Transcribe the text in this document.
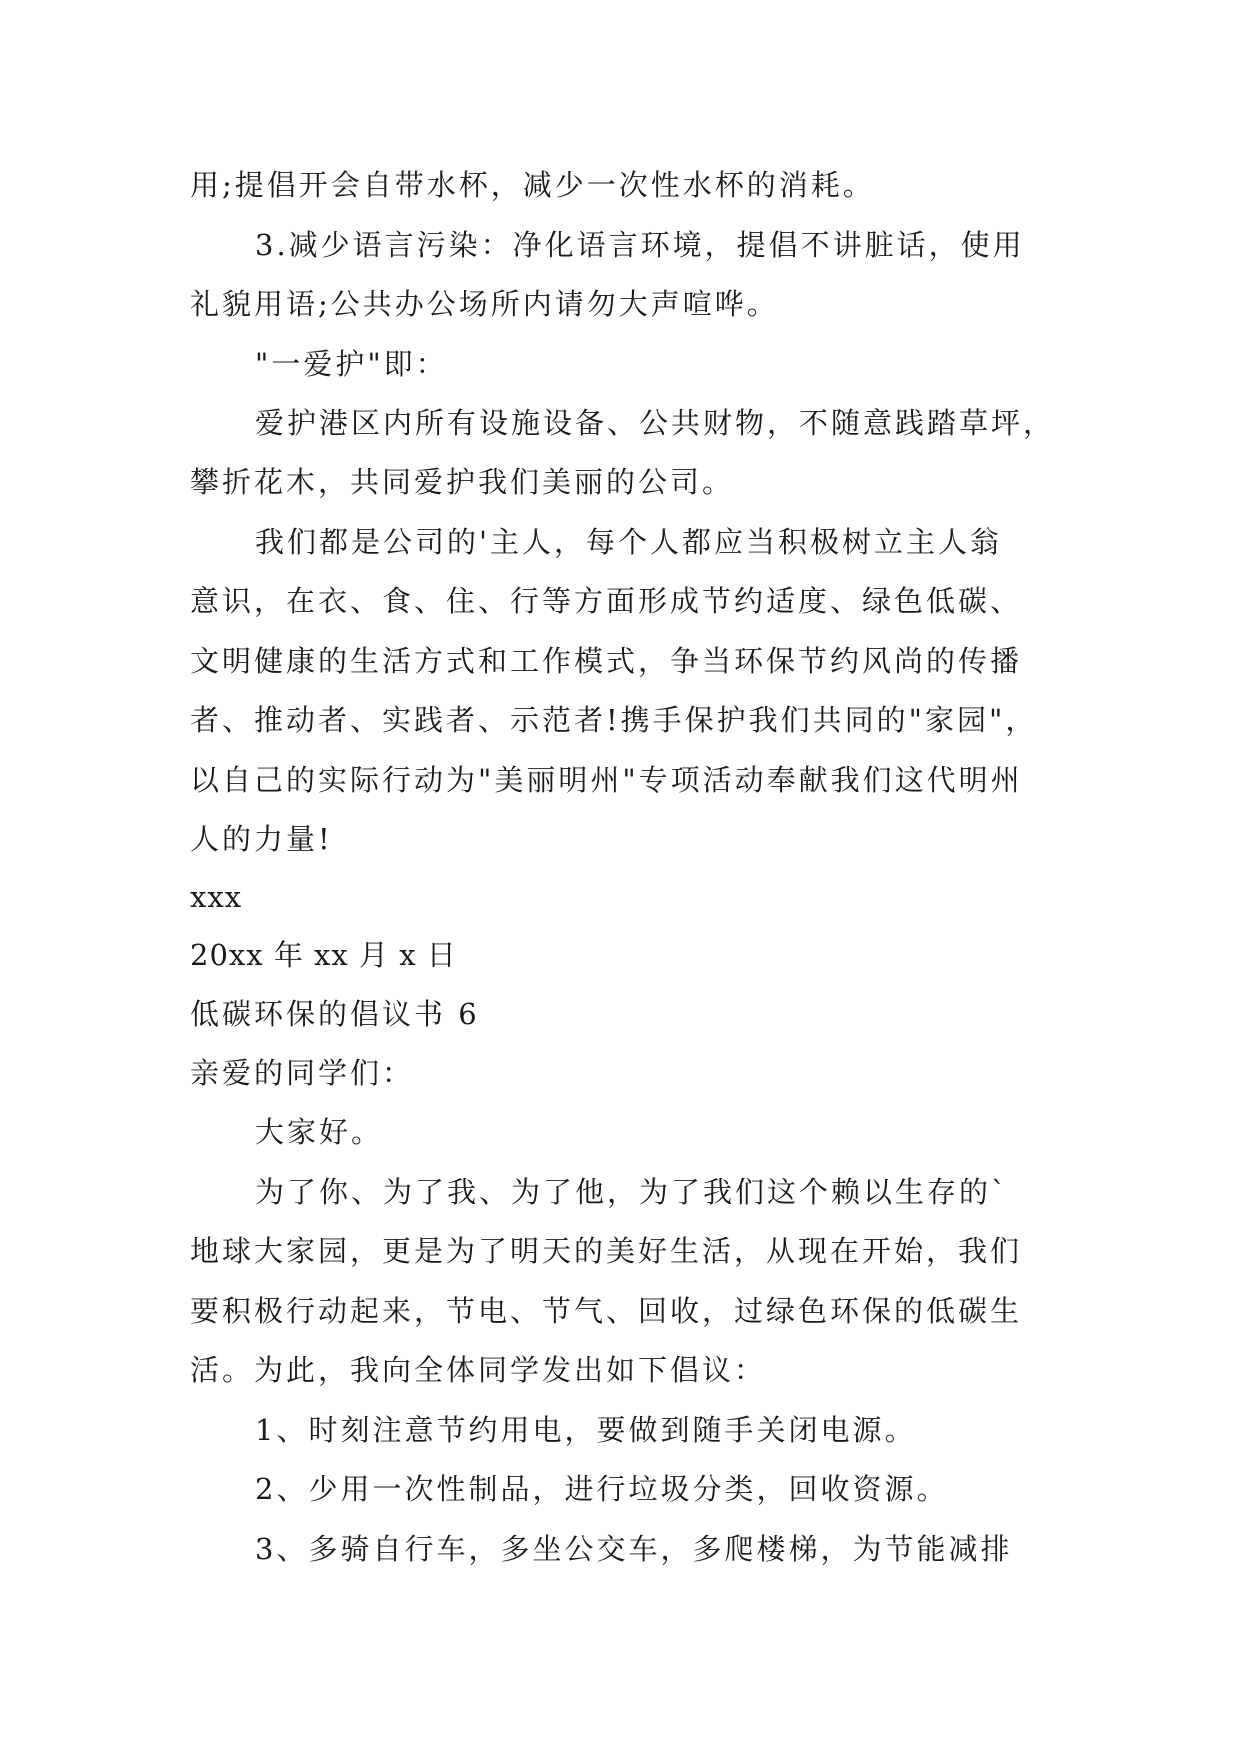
用;提倡开会自带水杯，减少一次性水杯的消耗。
3.减少语言污染：净化语言环境，提倡不讲脏话，使用
礼貌用语;公共办公场所内请勿大声喧哗。
"一爱护"即：
爱护港区内所有设施设备、公共财物，不随意践踏草坪，
攀折花木，共同爱护我们美丽的公司。
我们都是公司的'主人，每个人都应当积极树立主人翁
意识，在衣、食、住、行等方面形成节约适度、绿色低碳、
文明健康的生活方式和工作模式，争当环保节约风尚的传播
者、推动者、实践者、示范者!携手保护我们共同的"家园"，
以自己的实际行动为"美丽明州"专项活动奉献我们这代明州
人的力量!
xxx
20xx 年 xx 月 x 日
低碳环保的倡议书 6
亲爱的同学们：
大家好。
为了你、为了我、为了他，为了我们这个赖以生存的`
地球大家园，更是为了明天的美好生活，从现在开始，我们
要积极行动起来，节电、节气、回收，过绿色环保的低碳生
活。为此，我向全体同学发出如下倡议：
1、时刻注意节约用电，要做到随手关闭电源。
2、少用一次性制品，进行垃圾分类，回收资源。
3、多骑自行车，多坐公交车，多爬楼梯，为节能减排
